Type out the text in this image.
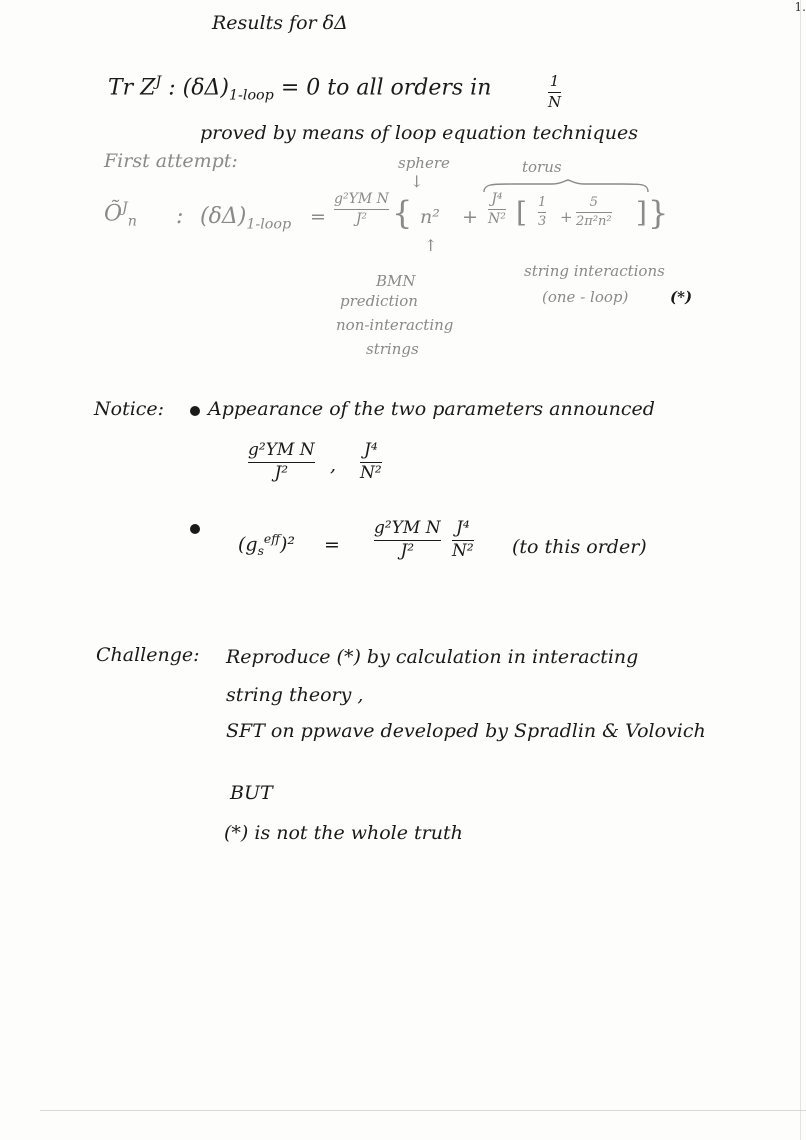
1.
Results for δΔ
Tr $Z^J$ : $(\delta\Delta)_{1-loop} = 0$ to all orders in	1
N
proved by means of loop equation techniques
First attempt:	sphere	torus
↓
$Õ^J_n$ : $(\delta\Delta)_{1-loop}$ =
g²YM N
J² { n² +
J⁴
N² [ 1
3 +
5
2π²n² ] }
↑
BMN
prediction
non-interacting
strings
string interactions
(one - loop)	(*)
Notice: Appearance of the two parameters announced
g²YM N
J² ,
J⁴
N²
$(g_s^{eff})^2$ =
g²YM N
J²
J⁴
N² (to this order)
Challenge: Reproduce (*) by calculation in interacting
string theory ,
SFT on ppwave developed by Spradlin & Volovich
BUT
(*) is not the whole truth
